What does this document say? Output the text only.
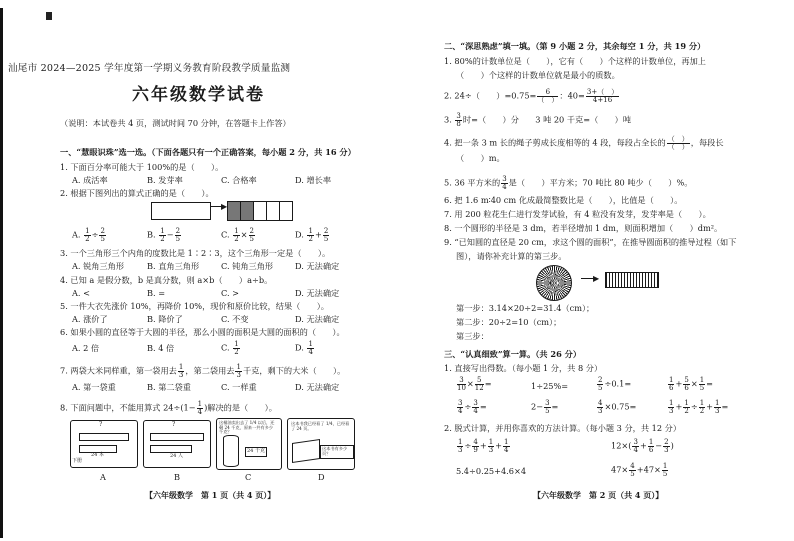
汕尾市 2024—2025 学年度第一学期义务教育阶段教学质量监测
六年级数学试卷
（说明：本试卷共 4 页，测试时间 70 分钟，在答题卡上作答）
一、“慧眼识珠”选一选。（下面各题只有一个正确答案，每小题 2 分，共 16 分）
1. 下面百分率可能大于 100%的是（　　）。
A. 成活率	B. 发芽率	C. 合格率	D. 增长率
2. 根据下图列出的算式正确的是（　　）。
▶
A. $\frac{1}{2} \div \frac{2}{5}$	B. $\frac{1}{2} - \frac{2}{5}$	C. $\frac{1}{2} \times \frac{2}{5}$	D. $\frac{1}{2} + \frac{2}{5}$
3. 一个三角形三个内角的度数比是 1∶2∶3，这个三角形一定是（　　）。
A. 锐角三角形	B. 直角三角形	C. 钝角三角形	D. 无法确定
4. 已知 a 是假分数，b 是真分数，则 a×b（　　）a÷b。
A. <	B. =	C. >	D. 无法确定
5. 一件大衣先涨价 10%，再降价 10%，现价和原价比较，结果（　　）。
A. 涨价了	B. 降价了	C. 不变	D. 无法确定
6. 如果小圆的直径等于大圆的半径，那么小圆的面积是大圆的面积的（　　）。
A. 2 倍	B. 4 倍	C. $\frac{1}{2}$	D. $\frac{1}{4}$
7. 两袋大米同样重，第一袋用去 $\frac{1}{3}$ ，第二袋用去 $\frac{1}{3}$ 千克，剩下的大米（　　）。
A. 第一袋重	B. 第二袋重	C. 一样重	D. 无法确定
8. 下面问题中，不能用算式 $24\div(1- \frac{1}{4}$ )解决的是（　　）。
?
24 本
下册
?
24 人
这桶油卖出去了 1/4 以后，还剩 24 千克，原来一共有多少千克？
24 千克
这本书我已经看了 1/4，已经看了 24 页。
这本书有多少页？
A	B	C	D
【六年级数学　第 1 页（共 4 页）】
二、“深思熟虑”填一填。（第 9 小题 2 分，其余每空 1 分，共 19 分）
1. 80%的计数单位是（　　），它有（　　）个这样的计数单位，再加上
（　　）个这样的计数单位就是最小的质数。
2. 24÷（　　）$=0.75= \frac{6}{( )}$ ：$40= \frac{3+( )}{4+16}$
3. $\frac{3}{8}$ 时=（　　）分　　3 吨 20 千克=（　　）吨
4. 把一条 3 m 长的绳子剪成长度相等的 4 段，每段占全长的 $\frac{( )}{( )}$ ，每段长
（　　）m。
5. 36 平方米的 $\frac{3}{4}$ 是（　　）平方米；70 吨比 80 吨少（　　）%。
6. 把 1.6 m∶40 cm 化成最简整数比是（　　），比值是（　　）。
7. 用 200 粒花生仁进行发芽试验，有 4 粒没有发芽，发芽率是（　　）。
8. 一个圆形的半径是 3 dm，若半径增加 1 dm，则面积增加（　　）dm²。
9. “已知圆的直径是 20 cm，求这个圆的面积”，在推导圆面积的推导过程（如下
图），请你补充计算的第三步。
▶
第一步：3.14×20÷2=31.4（cm）；
第二步：20÷2=10（cm）；
第三步：
三、“认真细致”算一算。（共 26 分）
1. 直接写出得数。（每小题 1 分，共 8 分）
$\frac{3}{10} \times \frac{5}{12}$ =	1÷25%=	$\frac{2}{5} \div 0.1=$	$\frac{1}{6} + \frac{5}{6} \times \frac{1}{5}$ =
$\frac{3}{4} \div \frac{3}{4}$ =	$2- \frac{3}{5}$ =	$\frac{4}{3} \times 0.75=$	$\frac{1}{3} + \frac{1}{2} \div \frac{1}{2} + \frac{1}{3}$ =
2. 脱式计算，并用你喜欢的方法计算。（每小题 3 分，共 12 分）
$\frac{1}{3} \div \frac{4}{9} + \frac{1}{3} + \frac{1}{4}$	$12\times( \frac{3}{4} + \frac{1}{6} - \frac{2}{3}$ )
5.4÷0.25+4.6×4	$47\times \frac{4}{5} +47\times \frac{1}{5}$
【六年级数学　第 2 页（共 4 页）】
